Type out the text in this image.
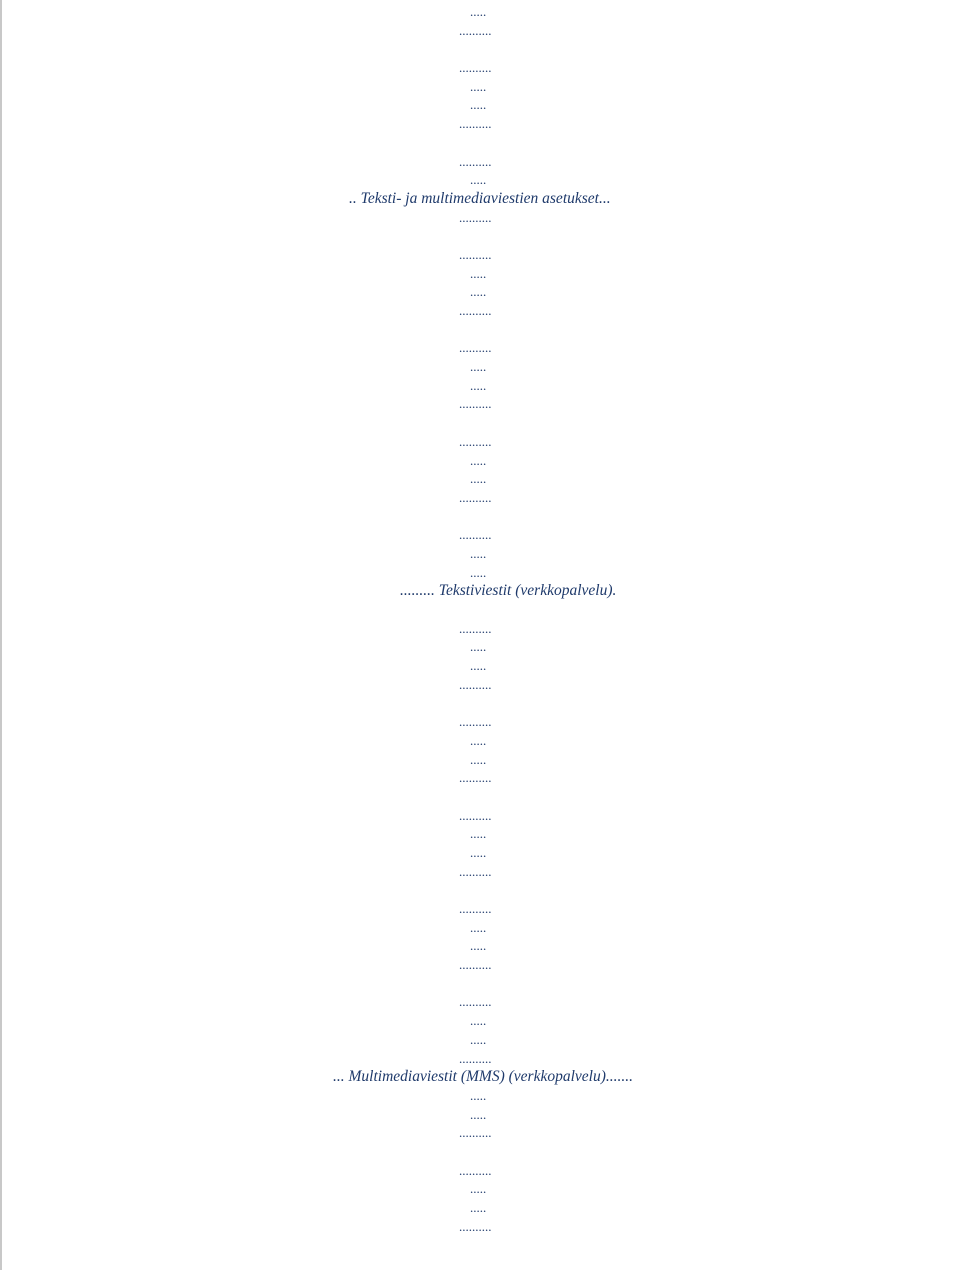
.....
..........
..........
.....
.....
..........
..........
.....
.. Teksti- ja multimediaviestien asetukset...
..........
..........
.....
.....
..........
..........
.....
.....
..........
..........
.....
.....
..........
..........
.....
.....
......... Tekstiviestit (verkkopalvelu).
..........
.....
.....
..........
..........
.....
.....
..........
..........
.....
.....
..........
..........
.....
.....
..........
..........
.....
.....
..........
... Multimediaviestit (MMS) (verkkopalvelu).......
.....
.....
..........
..........
.....
.....
..........
